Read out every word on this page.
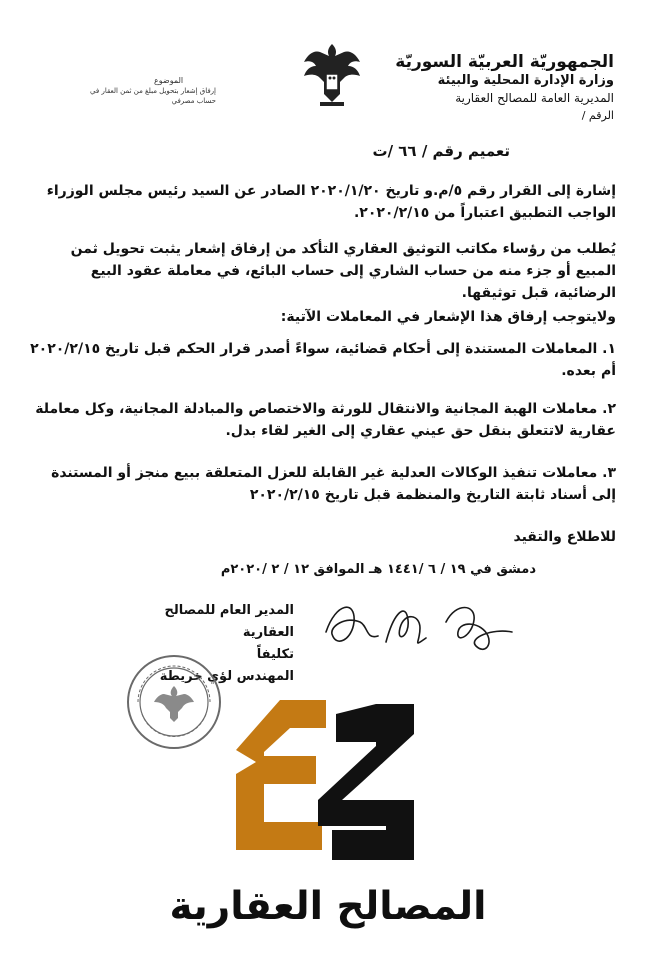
الجمهوريّة العربيّة السوريّة
وزارة الإدارة المحلية والبيئة
المديرية العامة للمصالح العقارية
الرقم /
الموضوع
إرفاق إشعار بتحويل مبلغ من ثمن العقار في حساب مصرفي
تعميم رقم / ٦٦ /ت
إشارة إلى القرار رقم ٥/م.و تاريخ ٢٠٢٠/١/٢٠ الصادر عن السيد رئيس مجلس الوزراء الواجب التطبيق اعتباراً من ٢٠٢٠/٢/١٥.
يُطلب من رؤساء مكاتب التوثيق العقاري التأكد من إرفاق إشعار يثبت تحويل ثمن المبيع أو جزء منه من حساب الشاري إلى حساب البائع، في معاملة عقود البيع الرضائية، قبل توثيقها.
ولايتوجب إرفاق هذا الإشعار في المعاملات الآتية:
١. المعاملات المستندة إلى أحكام قضائية، سواءً أصدر قرار الحكم قبل تاريخ ٢٠٢٠/٢/١٥ أم بعده.
٢. معاملات الهبة المجانية والانتقال للورثة والاختصاص والمبادلة المجانية، وكل معاملة عقارية لاتتعلق بنقل حق عيني عقاري إلى الغير لقاء بدل.
٣. معاملات تنفيذ الوكالات العدلية غير القابلة للعزل المتعلقة ببيع منجز أو المستندة إلى أسناد ثابتة التاريخ والمنظمة قبل تاريخ ٢٠٢٠/٢/١٥
للاطلاع والتقيد
دمشق في ١٩ / ٦ /١٤٤١ هـ الموافق ١٢ / ٢ /٢٠٢٠م
المدير العام للمصالح العقارية
تكليفاً
المهندس لؤي خريطة
المصالح العقارية
